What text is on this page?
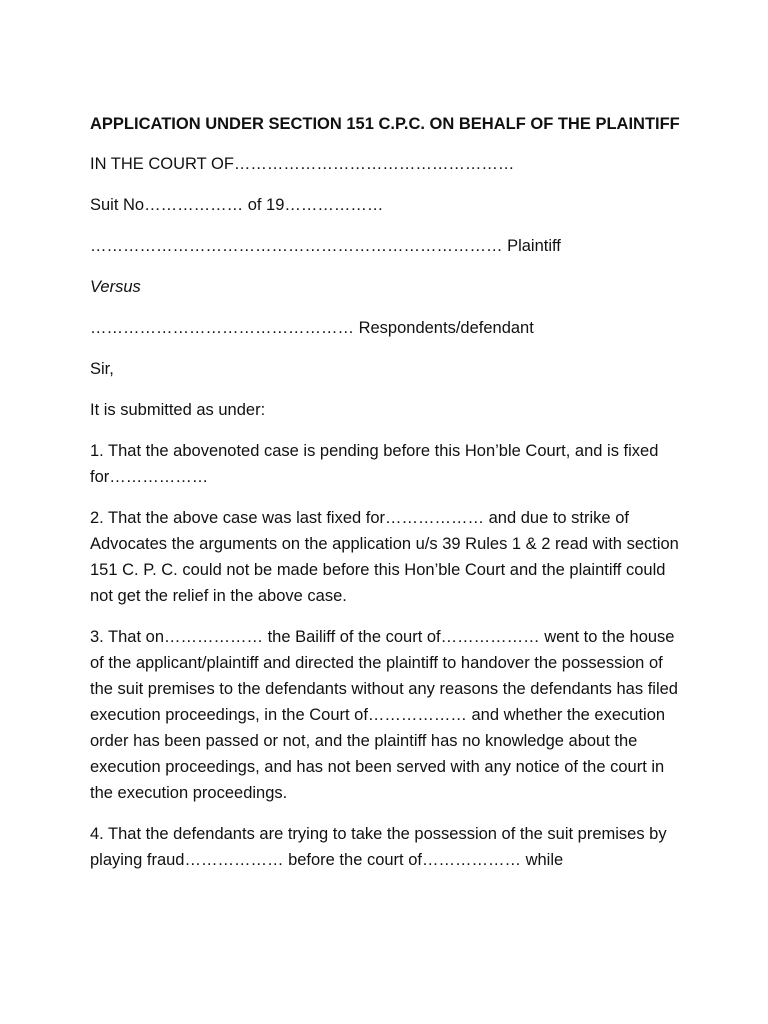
APPLICATION UNDER SECTION 151 C.P.C. ON BEHALF OF THE PLAINTIFF

IN THE COURT OF……………………………………………

Suit No……………… of 19………………

………………………………………………………………… Plaintiff

Versus

………………………………………… Respondents/defendant

Sir,

It is submitted as under:

1. That the abovenoted case is pending before this Hon’ble Court, and is fixed for………………

2. That the above case was last fixed for……………… and due to strike of Advocates the arguments on the application u/s 39 Rules 1 & 2 read with section 151 C. P. C. could not be made before this Hon’ble Court and the plaintiff could not get the relief in the above case.

3. That on……………… the Bailiff of the court of……………… went to the house of the applicant/plaintiff and directed the plaintiff to handover the possession of the suit premises to the defendants without any reasons the defendants has filed execution proceedings, in the Court of……………… and whether the execution order has been passed or not, and the plaintiff has no knowledge about the execution proceedings, and has not been served with any notice of the court in the execution proceedings.

4. That the defendants are trying to take the possession of the suit premises by playing fraud……………… before the court of……………… while
